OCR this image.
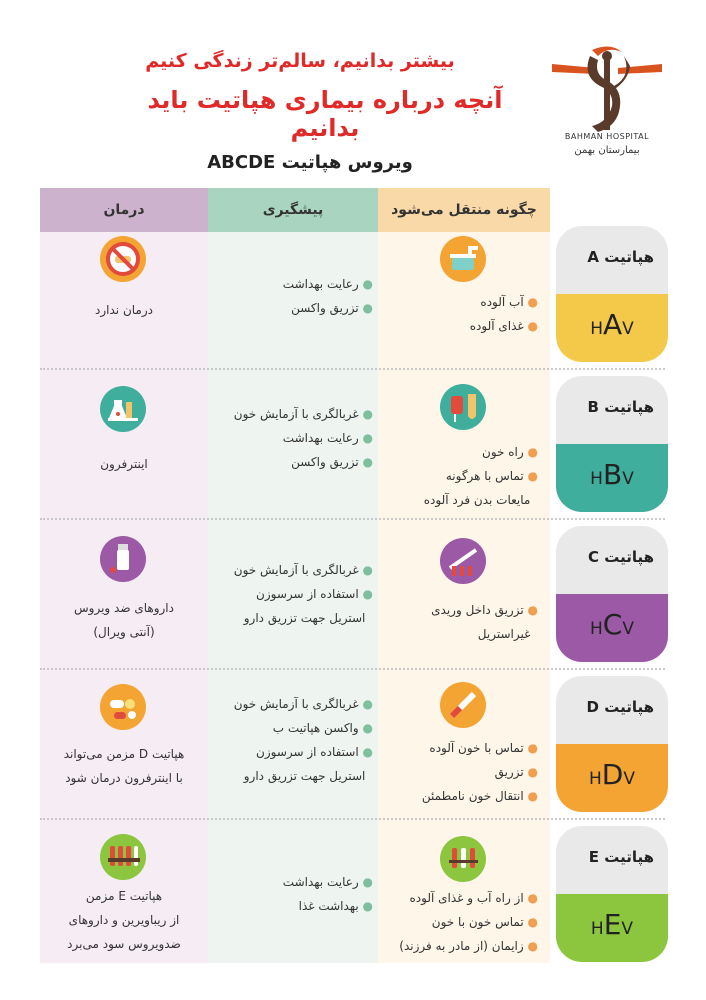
بیشتر بدانیم، سالم‌تر زندگی کنیم
آنچه درباره بیماری هپاتیت باید بدانیم
ویروس هپاتیت ABCDE
BAHMAN HOSPITAL
بیمارستان بهمن
درمان	پیشگیری	چگونه منتقل می‌شود
هپاتیت A
HAV
● آب آلوده
● غذای آلوده
● رعایت بهداشت
● تزریق واکسن
درمان ندارد
هپاتیت B
HBV
● راه خون
● تماس با هرگونه
مایعات بدن فرد آلوده
● غربالگری با آزمایش خون
● رعایت بهداشت
● تزریق واکسن
اینترفرون
هپاتیت C
HCV
● تزریق داخل وریدی
غیراستریل
● غربالگری با آزمایش خون
● استفاده از سرسوزن
استریل جهت تزریق دارو
داروهای ضد ویروس
(آنتی ویرال)
هپاتیت D
HDV
● تماس با خون آلوده
● تزریق
● انتقال خون نامطمئن
● غربالگری با آزمایش خون
● واکسن هپاتیت ب
● استفاده از سرسوزن
استریل جهت تزریق دارو
هپاتیت D مزمن می‌تواند
با اینترفرون درمان شود
هپاتیت E
HEV
● از راه آب و غذای آلوده
● تماس خون با خون
● زایمان (از مادر به فرزند)
● رعایت بهداشت
● بهداشت غذا
هپاتیت E مزمن
از ریباویرین و داروهای
ضدویروس سود می‌برد
